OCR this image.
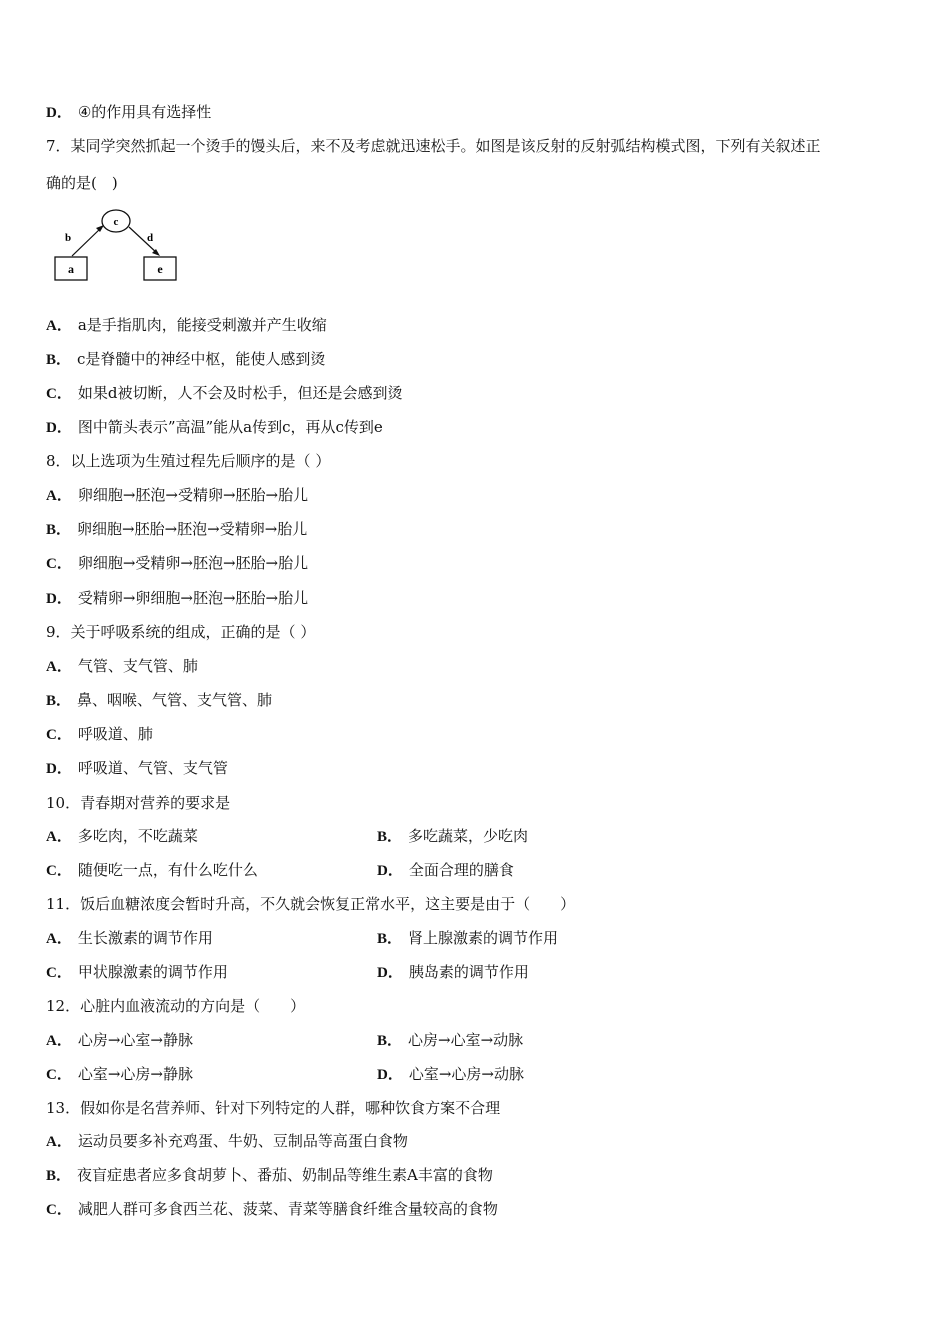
D． ④的作用具有选择性
7．某同学突然抓起一个烫手的馒头后，来不及考虑就迅速松手。如图是该反射的反射弧结构模式图，下列有关叙述正
确的是(　)
a	e
c
b	d
A． a是手指肌肉，能接受刺激并产生收缩
B． c是脊髓中的神经中枢，能使人感到烫
C． 如果d被切断，人不会及时松手，但还是会感到烫
D． 图中箭头表示”高温”能从a传到c，再从c传到e
8．以上选项为生殖过程先后顺序的是（ ）
A． 卵细胞→胚泡→受精卵→胚胎→胎儿
B． 卵细胞→胚胎→胚泡→受精卵→胎儿
C． 卵细胞→受精卵→胚泡→胚胎→胎儿
D． 受精卵→卵细胞→胚泡→胚胎→胎儿
9．关于呼吸系统的组成，正确的是（ ）
A． 气管、支气管、肺
B． 鼻、咽喉、气管、支气管、肺
C． 呼吸道、肺
D． 呼吸道、气管、支气管
10．青春期对营养的要求是
A． 多吃肉，不吃蔬菜	B． 多吃蔬菜，少吃肉
C． 随便吃一点，有什么吃什么	D． 全面合理的膳食
11．饭后血糖浓度会暂时升高，不久就会恢复正常水平，这主要是由于（　　）
A． 生长激素的调节作用	B． 肾上腺激素的调节作用
C． 甲状腺激素的调节作用	D． 胰岛素的调节作用
12．心脏内血液流动的方向是（　　）
A． 心房→心室→静脉	B． 心房→心室→动脉
C． 心室→心房→静脉	D． 心室→心房→动脉
13．假如你是名营养师、针对下列特定的人群，哪种饮食方案不合理
A． 运动员要多补充鸡蛋、牛奶、豆制品等高蛋白食物
B． 夜盲症患者应多食胡萝卜、番茄、奶制品等维生素A丰富的食物
C． 减肥人群可多食西兰花、菠菜、青菜等膳食纤维含量较高的食物
